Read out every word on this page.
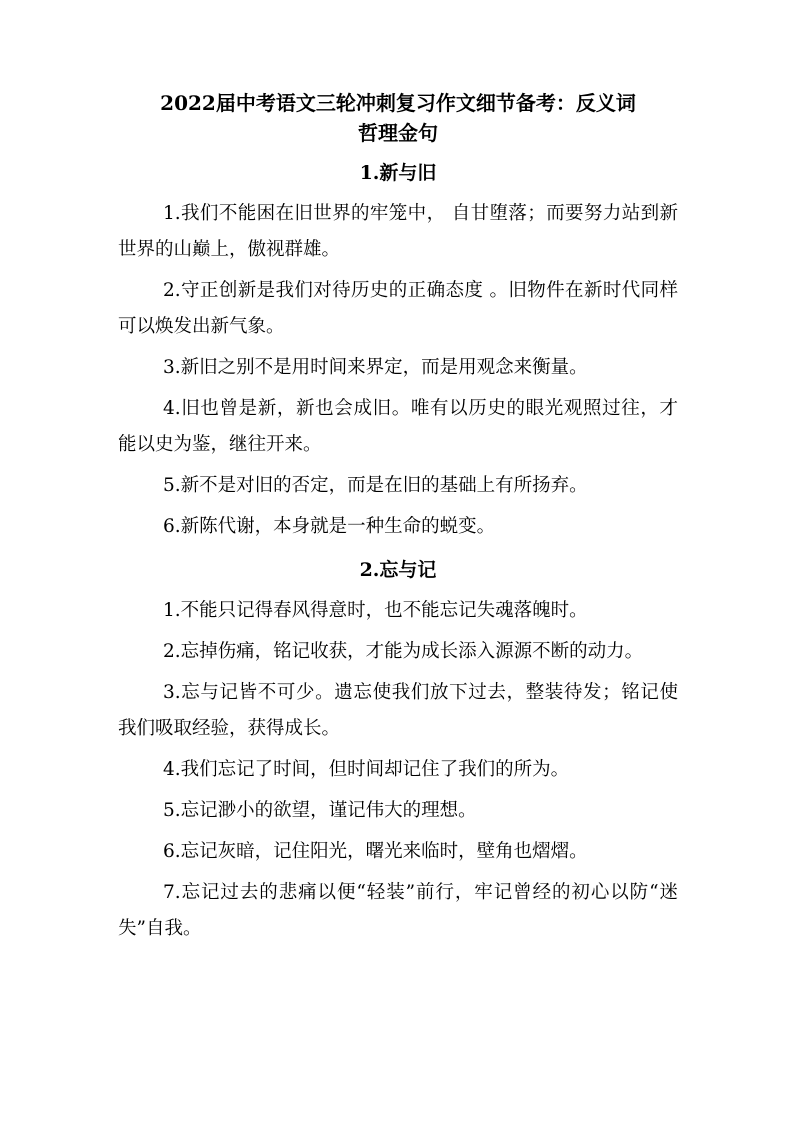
2022届中考语文三轮冲刺复习作文细节备考：反义词
哲理金句
1.新与旧

1.我们不能困在旧世界的牢笼中， 自甘堕落；而要努力站到新世界的山巅上，傲视群雄。

2.守正创新是我们对待历史的正确态度 。旧物件在新时代同样可以焕发出新气象。

3.新旧之别不是用时间来界定，而是用观念来衡量。

4.旧也曾是新，新也会成旧。唯有以历史的眼光观照过往，才能以史为鉴，继往开来。

5.新不是对旧的否定，而是在旧的基础上有所扬弃。

6.新陈代谢，本身就是一种生命的蜕变。

2.忘与记

1.不能只记得春风得意时，也不能忘记失魂落魄时。

2.忘掉伤痛，铭记收获，才能为成长添入源源不断的动力。

3.忘与记皆不可少。遗忘使我们放下过去，整装待发；铭记使我们吸取经验，获得成长。

4.我们忘记了时间，但时间却记住了我们的所为。

5.忘记渺小的欲望，谨记伟大的理想。

6.忘记灰暗，记住阳光，曙光来临时，壁角也熠熠。

7.忘记过去的悲痛以便“轻装”前行，牢记曾经的初心以防“迷失”自我。
